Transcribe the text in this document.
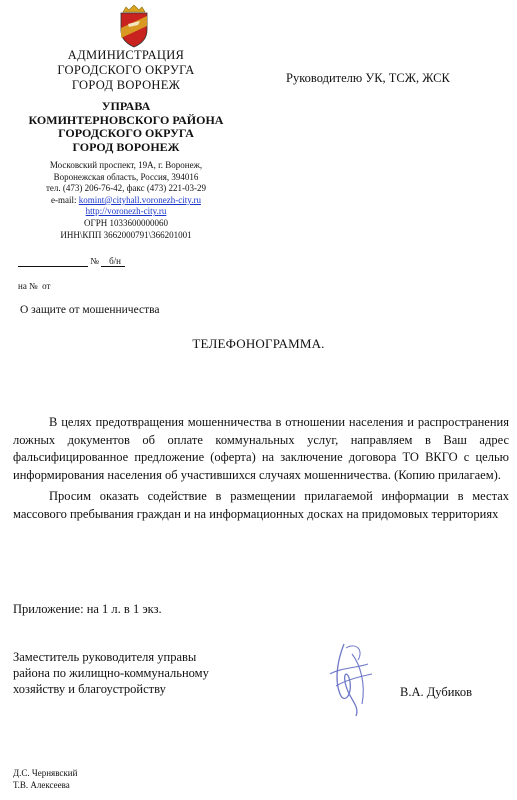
АДМИНИСТРАЦИЯ
ГОРОДСКОГО ОКРУГА
ГОРОД ВОРОНЕЖ
УПРАВА
КОМИНТЕРНОВСКОГО РАЙОНА
ГОРОДСКОГО ОКРУГА
ГОРОД ВОРОНЕЖ
Московский проспект, 19А, г. Воронеж,
Воронежская область, Россия, 394016
тел. (473) 206-76-42, факс (473) 221-03-29
e-mail: komint@cityhall.voronezh-city.ru
http://voronezh-city.ru
ОГРН 1033600000060
ИНН\КПП 3662000791\366201001
Руководителю УК, ТСЖ, ЖСК
№ б/н
на № от
О защите от мошенничества
ТЕЛЕФОНОГРАММА.

В целях предотвращения мошенничества в отношении населения и распространения ложных документов об оплате коммунальных услуг, направляем в Ваш адрес фальсифицированное предложение (оферта) на заключение договора ТО ВКГО с целью информирования населения об участившихся случаях мошенничества. (Копию прилагаем).

Просим оказать содействие в размещении прилагаемой информации в местах массового пребывания граждан и на информационных досках на придомовых территориях

Приложение: на 1 л. в 1 экз.
Заместитель руководителя управы
района по жилищно-коммунальному
хозяйству и благоустройству	В.А. Дубиков
Д.С. Чернявский
Т.В. Алексеева
